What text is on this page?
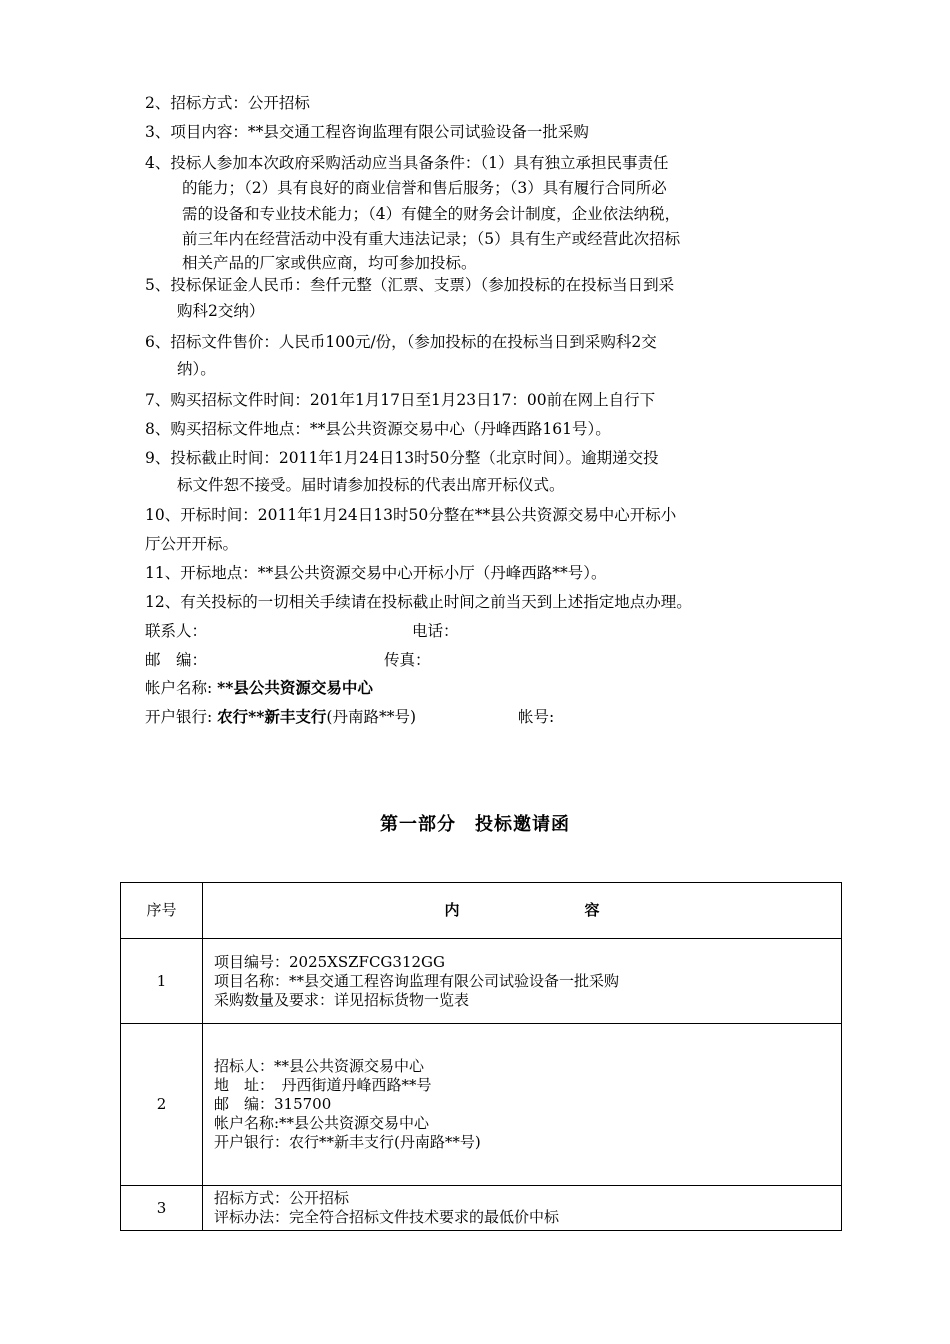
2、招标方式：公开招标
3、项目内容：**县交通工程咨询监理有限公司试验设备一批采购
4、投标人参加本次政府采购活动应当具备条件：（1）具有独立承担民事责任
的能力；（2）具有良好的商业信誉和售后服务；（3）具有履行合同所必
需的设备和专业技术能力；（4）有健全的财务会计制度，企业依法纳税，
前三年内在经营活动中没有重大违法记录；（5）具有生产或经营此次招标
相关产品的厂家或供应商，均可参加投标。
5、投标保证金人民币：叁仟元整（汇票、支票）（参加投标的在投标当日到采
购科2交纳）
6、招标文件售价：人民币100元/份，（参加投标的在投标当日到采购科2交
纳）。
7、购买招标文件时间：201年1月17日至1月23日17：00前在网上自行下
8、购买招标文件地点：**县公共资源交易中心（丹峰西路161号）。
9、投标截止时间：2011年1月24日13时50分整（北京时间）。逾期递交投
标文件恕不接受。届时请参加投标的代表出席开标仪式。
10、开标时间：2011年1月24日13时50分整在**县公共资源交易中心开标小
厅公开开标。
11、开标地点：**县公共资源交易中心开标小厅（丹峰西路**号）。
12、有关投标的一切相关手续请在投标截止时间之前当天到上述指定地点办理。
联系人：	电话：
邮　编：	传真：
帐户名称: **县公共资源交易中心
开户银行: 农行**新丰支行(丹南路**号)	帐号:
第一部分　投标邀请函
序号	内 容
1	项目编号：2025XSZFCG312GG
项目名称：**县交通工程咨询监理有限公司试验设备一批采购
采购数量及要求：详见招标货物一览表

2	招标人：**县公共资源交易中心
地　址：　丹西街道丹峰西路**号
邮　编：315700
帐户名称:**县公共资源交易中心
开户银行：农行**新丰支行(丹南路**号)

3	招标方式：公开招标
评标办法：完全符合招标文件技术要求的最低价中标
